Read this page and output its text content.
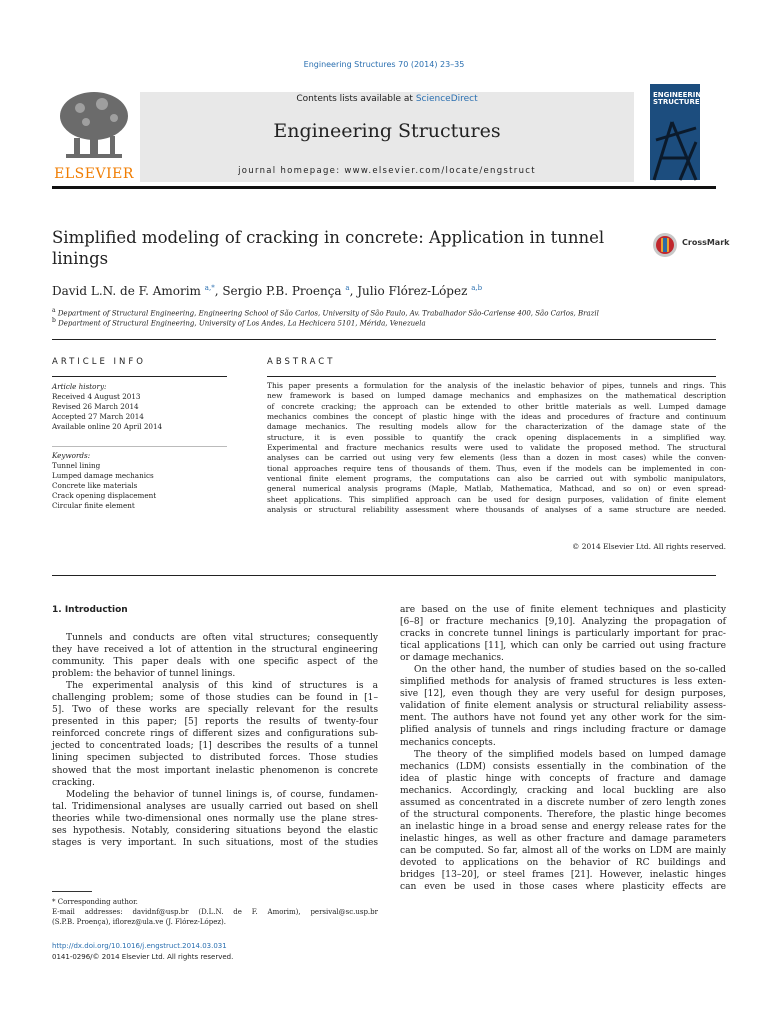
Engineering Structures 70 (2014) 23–35
ELSEVIER
Contents lists available at ScienceDirect
Engineering Structures
journal homepage: www.elsevier.com/locate/engstruct
ENGINEERING STRUCTURES
Simplified modeling of cracking in concrete: Application in tunnel linings
CrossMark
David L.N. de F. Amorim $^{a,*}$, Sergio P.B. Proença $^a$, Julio Flórez-López $^{a,b}$
$^a$ Department of Structural Engineering, Engineering School of São Carlos, University of São Paulo, Av. Trabalhador São-Carlense 400, São Carlos, Brazil
$^b$ Department of Structural Engineering, University of Los Andes, La Hechicera 5101, Mérida, Venezuela
ARTICLE INFO	ABSTRACT
Article history:
Received 4 August 2013
Revised 26 March 2014
Accepted 27 March 2014
Available online 20 April 2014
Keywords:
Tunnel lining
Lumped damage mechanics
Concrete like materials
Crack opening displacement
Circular finite element
This paper presents a formulation for the analysis of the inelastic behavior of pipes, tunnels and rings. This
new framework is based on lumped damage mechanics and emphasizes on the mathematical description
of concrete cracking; the approach can be extended to other brittle materials as well. Lumped damage
mechanics combines the concept of plastic hinge with the ideas and procedures of fracture and continuum
damage mechanics. The resulting models allow for the characterization of the damage state of the
structure, it is even possible to quantify the crack opening displacements in a simplified way.
Experimental and fracture mechanics results were used to validate the proposed method. The structural
analyses can be carried out using very few elements (less than a dozen in most cases) while the conven-
tional approaches require tens of thousands of them. Thus, even if the models can be implemented in con-
ventional finite element programs, the computations can also be carried out with symbolic manipulators,
general numerical analysis programs (Maple, Matlab, Mathematica, Mathcad, and so on) or even spread-
sheet applications. This simplified approach can be used for design purposes, validation of finite element
analysis or structural reliability assessment where thousands of analyses of a same structure are needed.
© 2014 Elsevier Ltd. All rights reserved.
1. Introduction
Tunnels and conducts are often vital structures; consequently
they have received a lot of attention in the structural engineering
community. This paper deals with one specific aspect of the
problem: the behavior of tunnel linings.
The experimental analysis of this kind of structures is a
challenging problem; some of those studies can be found in [1–
5]. Two of these works are specially relevant for the results
presented in this paper; [5] reports the results of twenty-four
reinforced concrete rings of different sizes and configurations sub-
jected to concentrated loads; [1] describes the results of a tunnel
lining specimen subjected to distributed forces. Those studies
showed that the most important inelastic phenomenon is concrete
cracking.
Modeling the behavior of tunnel linings is, of course, fundamen-
tal. Tridimensional analyses are usually carried out based on shell
theories while two-dimensional ones normally use the plane stres-
ses hypothesis. Notably, considering situations beyond the elastic
stages is very important. In such situations, most of the studies
are based on the use of finite element techniques and plasticity
[6–8] or fracture mechanics [9,10]. Analyzing the propagation of
cracks in concrete tunnel linings is particularly important for prac-
tical applications [11], which can only be carried out using fracture
or damage mechanics.
On the other hand, the number of studies based on the so-called
simplified methods for analysis of framed structures is less exten-
sive [12], even though they are very useful for design purposes,
validation of finite element analysis or structural reliability assess-
ment. The authors have not found yet any other work for the sim-
plified analysis of tunnels and rings including fracture or damage
mechanics concepts.
The theory of the simplified models based on lumped damage
mechanics (LDM) consists essentially in the combination of the
idea of plastic hinge with concepts of fracture and damage
mechanics. Accordingly, cracking and local buckling are also
assumed as concentrated in a discrete number of zero length zones
of the structural components. Therefore, the plastic hinge becomes
an inelastic hinge in a broad sense and energy release rates for the
inelastic hinges, as well as other fracture and damage parameters
can be computed. So far, almost all of the works on LDM are mainly
devoted to applications on the behavior of RC buildings and
bridges [13–20], or steel frames [21]. However, inelastic hinges
can even be used in those cases where plasticity effects are
* Corresponding author.
E-mail addresses: davidnf@usp.br (D.L.N. de F. Amorim), persival@sc.usp.br
(S.P.B. Proença), iflorez@ula.ve (J. Flórez-López).
http://dx.doi.org/10.1016/j.engstruct.2014.03.031
0141-0296/© 2014 Elsevier Ltd. All rights reserved.
